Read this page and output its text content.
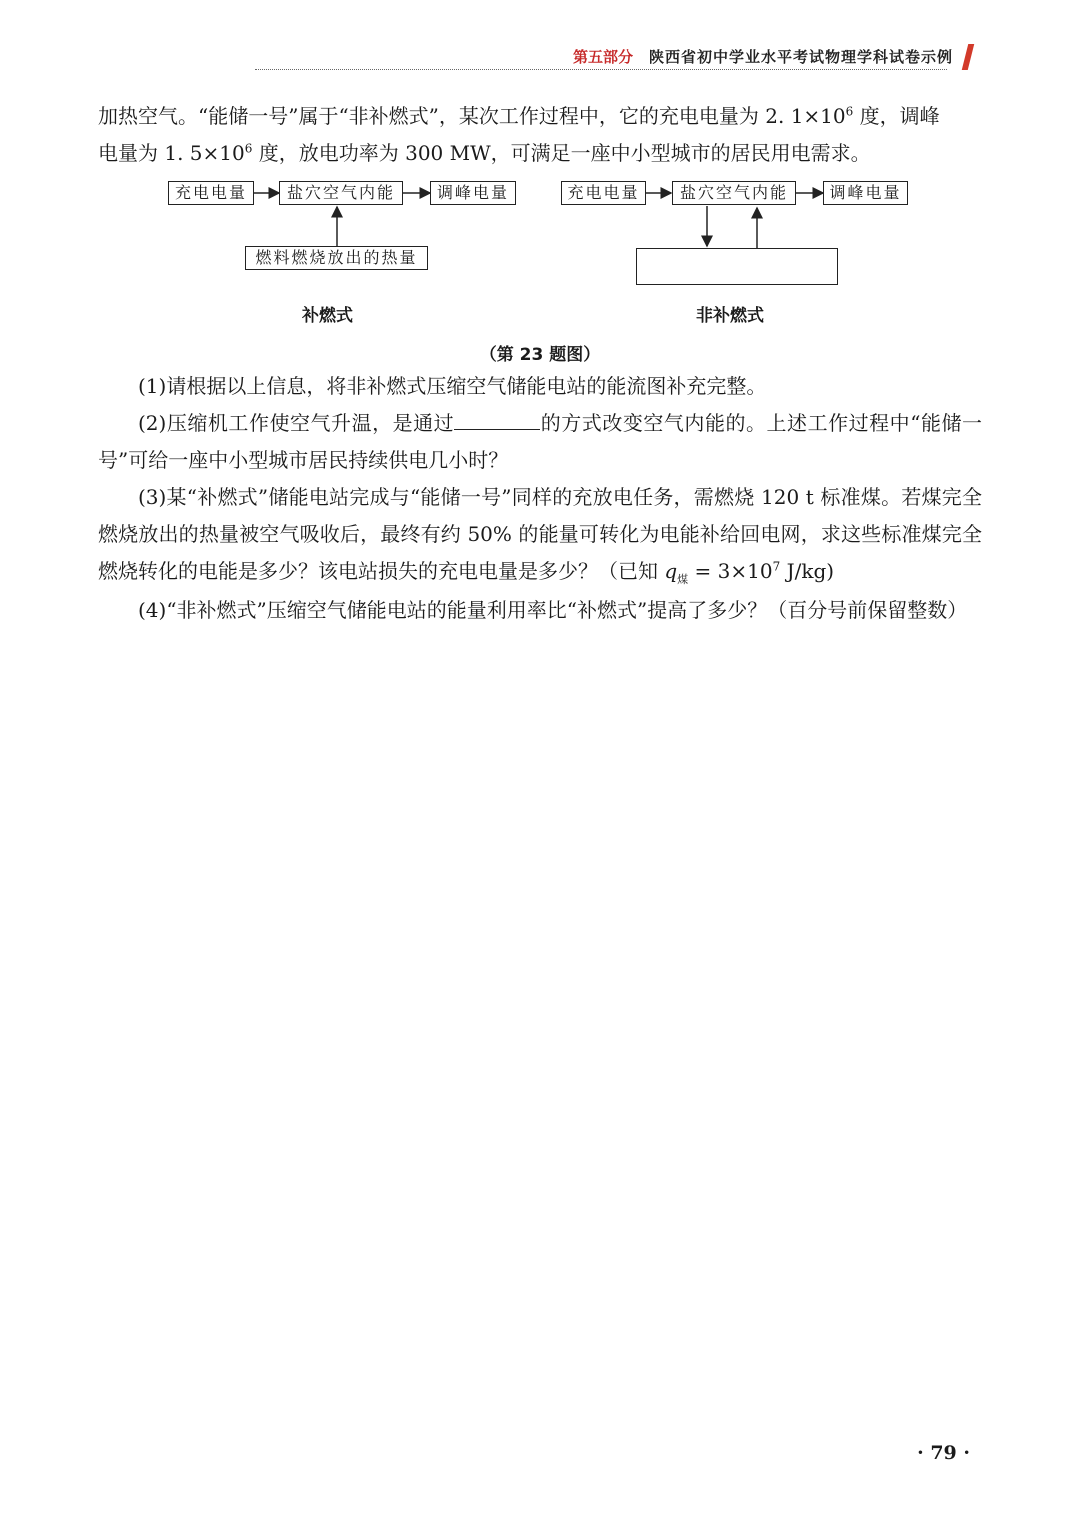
第五部分 陕西省初中学业水平考试物理学科试卷示例

加热空气。“能储一号”属于“非补燃式”，某次工作过程中，它的充电电量为 2. $1\times 10^6$ 度，调峰
电量为 1. $5\times 10^6$ 度，放电功率为 300 MW，可满足一座中小型城市的居民用电需求。

充电电量	盐穴空气内能	调峰电量
燃料燃烧放出的热量
补燃式
充电电量	盐穴空气内能	调峰电量
非补燃式
（第 23 题图）

(1)请根据以上信息，将非补燃式压缩空气储能电站的能流图补充完整。

(2)压缩机工作使空气升温，是通过	的方式改变空气内能的。上述工作过程中“能储一号”可给一座中小型城市居民持续供电几小时？

(3)某“补燃式”储能电站完成与“能储一号”同样的充放电任务，需燃烧 120 t 标准煤。若煤完全燃烧放出的热量被空气吸收后，最终有约 50% 的能量可转化为电能补给回电网，求这些标准煤完全燃烧转化的电能是多少？该电站损失的充电电量是多少？（已知 $q_煤 = 3\times 10^7$ J/kg)

(4)“非补燃式”压缩空气储能电站的能量利用率比“补燃式”提高了多少？（百分号前保留整数）

· 79 ·
